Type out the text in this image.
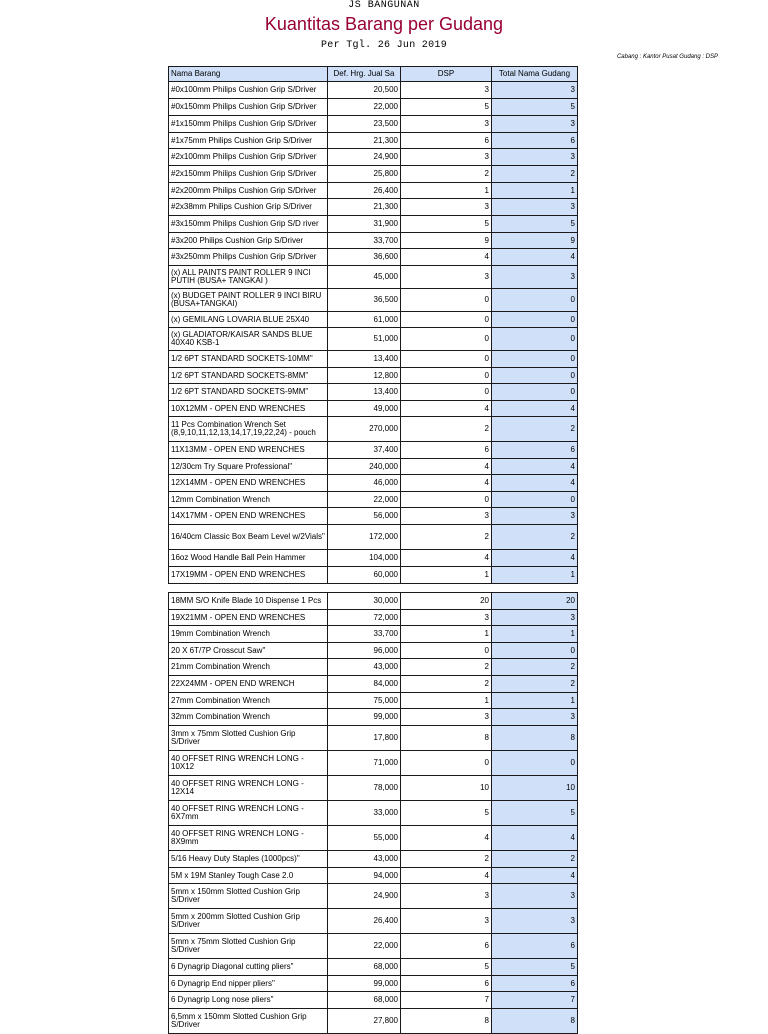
JS BANGUNAN
Kuantitas Barang per Gudang
Per Tgl. 26 Jun 2019
Cabang : Kantor Pusat Gudang : DSP
Nama Barang	Def. Hrg. Jual Sa	DSP	Total Nama Gudang
#0x100mm Philips Cushion Grip S/Driver	20,500	3	3
#0x150mm Philips Cushion Grip S/Driver	22,000	5	5
#1x150mm Philips Cushion Grip S/Driver	23,500	3	3
#1x75mm Philips Cushion Grip S/Driver	21,300	6	6
#2x100mm Philips Cushion Grip S/Driver	24,900	3	3
#2x150mm Philips Cushion Grip S/Driver	25,800	2	2
#2x200mm Philips Cushion Grip S/Driver	26,400	1	1
#2x38mm Philips Cushion Grip S/Driver	21,300	3	3
#3x150mm Philips Cushion Grip S/D river	31,900	5	5
#3x200 Philips Cushion Grip S/Driver	33,700	9	9
#3x250mm Philips Cushion Grip S/Driver	36,600	4	4
(x) ALL PAINTS PAINT ROLLER 9 INCI PUTIH (BUSA+ TANGKAI )	45,000	3	3
(x) BUDGET PAINT ROLLER 9 INCI BIRU (BUSA+TANGKAI)	36,500	0	0
(x) GEMILANG LOVARIA BLUE 25X40	61,000	0	0
(x) GLADIATOR/KAISAR SANDS BLUE 40X40 KSB-1	51,000	0	0
1/2 6PT STANDARD SOCKETS-10MM"	13,400	0	0
1/2 6PT STANDARD SOCKETS-8MM"	12,800	0	0
1/2 6PT STANDARD SOCKETS-9MM"	13,400	0	0
10X12MM - OPEN END WRENCHES	49,000	4	4
11 Pcs Combination Wrench Set (8,9,10,11,12,13,14,17,19,22,24) - pouch	270,000	2	2
11X13MM - OPEN END WRENCHES	37,400	6	6
12/30cm Try Square Professional"	240,000	4	4
12X14MM - OPEN END WRENCHES	46,000	4	4
12mm Combination Wrench	22,000	0	0
14X17MM - OPEN END WRENCHES	56,000	3	3
16/40cm Classic Box Beam Level w/2Vials"	172,000	2	2
16oz Wood Handle Ball Pein Hammer	104,000	4	4
17X19MM - OPEN END WRENCHES	60,000	1	1
18MM S/O Knife Blade 10 Dispense 1 Pcs	30,000	20	20
19X21MM - OPEN END WRENCHES	72,000	3	3
19mm Combination Wrench	33,700	1	1
20 X 6T/7P Crosscut Saw"	96,000	0	0
21mm Combination Wrench	43,000	2	2
22X24MM - OPEN END WRENCH	84,000	2	2
27mm Combination Wrench	75,000	1	1
32mm Combination Wrench	99,000	3	3
3mm x 75mm Slotted Cushion Grip S/Driver	17,800	8	8
40 OFFSET RING WRENCH LONG - 10X12	71,000	0	0
40 OFFSET RING WRENCH LONG - 12X14	78,000	10	10
40 OFFSET RING WRENCH LONG - 6X7mm	33,000	5	5
40 OFFSET RING WRENCH LONG - 8X9mm	55,000	4	4
5/16 Heavy Duty Staples (1000pcs)"	43,000	2	2
5M x 19M Stanley Tough Case 2.0	94,000	4	4
5mm x 150mm Slotted Cushion Grip S/Driver	24,900	3	3
5mm x 200mm Slotted Cushion Grip S/Driver	26,400	3	3
5mm x 75mm Slotted Cushion Grip S/Driver	22,000	6	6
6 Dynagrip Diagonal cutting pliers"	68,000	5	5
6 Dynagrip End nipper pliers"	99,000	6	6
6 Dynagrip Long nose pliers"	68,000	7	7
6,5mm x 150mm Slotted Cushion Grip S/Driver	27,800	8	8
